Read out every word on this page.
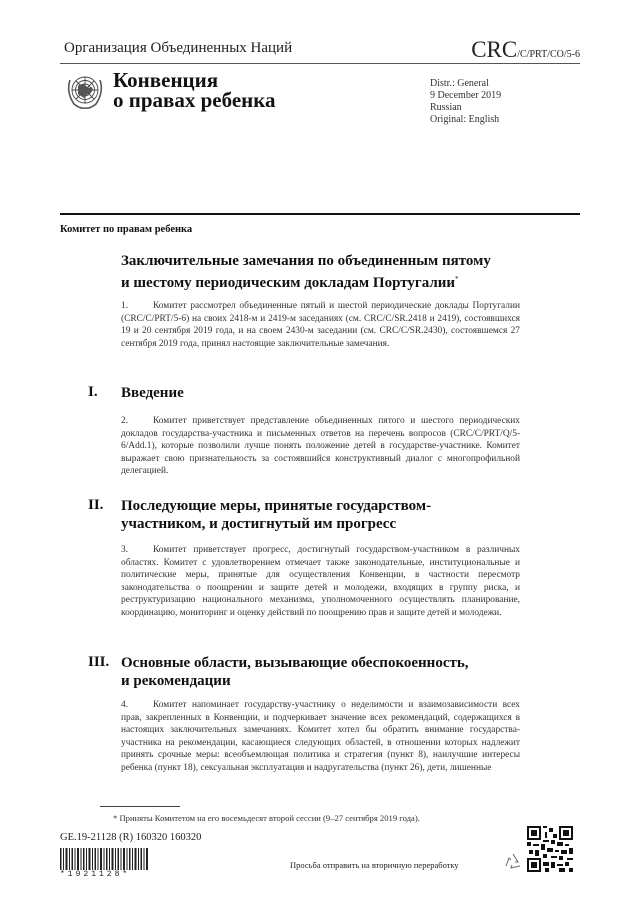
Организация Объединенных Наций	CRC/C/PRT/CO/5-6
Конвенция
о правах ребенка
Distr.: General
9 December 2019
Russian
Original: English
Комитет по правам ребенка
Заключительные замечания по объединенным пятому
и шестому периодическим докладам Португалии*
1.	Комитет рассмотрел объединенные пятый и шестой периодические доклады Португалии (CRC/C/PRT/5-6) на своих 2418-м и 2419-м заседаниях (см. CRC/C/SR.2418 и 2419), состоявшихся 19 и 20 сентября 2019 года, и на своем 2430-м заседании (см. CRC/C/SR.2430), состоявшемся 27 сентября 2019 года, принял настоящие заключительные замечания.
I. Введение
2.	Комитет приветствует представление объединенных пятого и шестого периодических докладов государства-участника и письменных ответов на перечень вопросов (CRC/C/PRT/Q/5-6/Add.1), которые позволили лучше понять положение детей в государстве-участнике. Комитет выражает свою признательность за состоявшийся конструктивный диалог с многопрофильной делегацией.
II. Последующие меры, принятые государством-
участником, и достигнутый им прогресс
3.	Комитет приветствует прогресс, достигнутый государством-участником в различных областях. Комитет с удовлетворением отмечает также законодательные, институциональные и политические меры, принятые для осуществления Конвенции, в частности пересмотр законодательства о поощрении и защите детей и молодежи, входящих в группу риска, и реструктуризацию национального механизма, уполномоченного осуществлять планирование, координацию, мониторинг и оценку действий по поощрению прав и защите детей и молодежи.
III. Основные области, вызывающие обеспокоенность,
и рекомендации
4.	Комитет напоминает государству-участнику о неделимости и взаимозависимости всех прав, закрепленных в Конвенции, и подчеркивает значение всех рекомендаций, содержащихся в настоящих заключительных замечаниях. Комитет хотел бы обратить внимание государства-участника на рекомендации, касающиеся следующих областей, в отношении которых надлежит принять срочные меры: всеобъемлющая политика и стратегия (пункт 8), наилучшие интересы ребенка (пункт 18), сексуальная эксплуатация и надругательства (пункт 26), дети, лишенные
* Приняты Комитетом на его восемьдесят второй сессии (9–27 сентября 2019 года).
GE.19-21128 (R) 160320 160320
*1921128*
Просьба отправить на вторичную переработку
